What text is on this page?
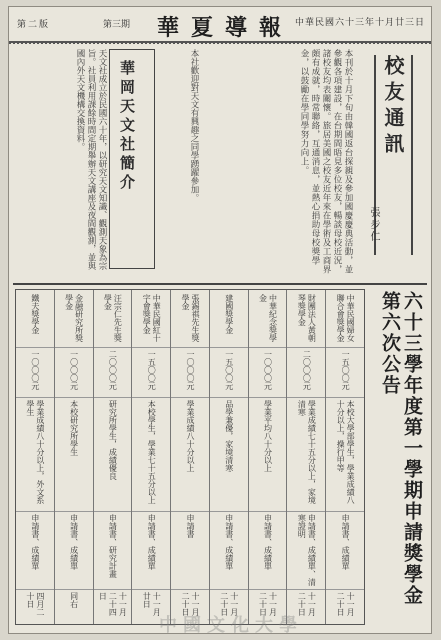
中華民國六十三年十月廿三日
華夏導報
第三期
第二版
校友通訊
張步仁
本刊於十月下旬由韓國返台探親及參加國慶慶典活動，並參觀各項建設，在台期間晤見多位校友，暢談母校近況，諸校友均表關懷。旅居美國之校友近年來在學術及工商界頗有成就，時常聯絡，互通消息，並熱心捐助母校獎學金，以鼓勵在學同學努力向上。
天文社成立於民國六十年，以研究天文知識、觀測天象為宗旨。社員利用課餘時間定期舉辦天文講座及夜間觀測，並與國內外天文機構交換資料。	華岡天文社簡介	本社歡迎對天文有興趣之同學踴躍參加。
六十三學年度第一學期申請獎學金第六次公告
中華民國婦女聯合會獎學金
一五〇〇元
本校大學部學生，學業成績八十分以上，操行甲等
申請書、成績單
十一月二十日
財團法人黃朝琴獎學金
二〇〇〇元
學業成績七十五分以上，家境清寒
申請書、成績單、清寒證明
十一月二十日
中華紀念獎學金
一〇〇〇元
學業平均八十分以上
申請書、成績單
十一月二十日
建國獎學金
一五〇〇元
品學兼優，家境清寒
申請書、成績單
十一月二十日
張錫祺先生獎學金
一〇〇〇元
學業成績八十分以上
申請書
十一月二十日
中華民國紅十字會獎學金
一五〇〇元
本校學生，學業七十五分以上
申請書、成績單
十一月廿日
汪宗仁先生獎學金
二〇〇〇元
研究所學生，成績優良
申請書、研究計畫
十一月二十四日
金融研究所獎學金
一〇〇〇元
本校研究所學生
申請書、成績單
同右
鐵夫獎學金
一〇〇〇元
學業成績八十分以上，外文系學生
申請書、成績單
四月二十日
中國文化大學
